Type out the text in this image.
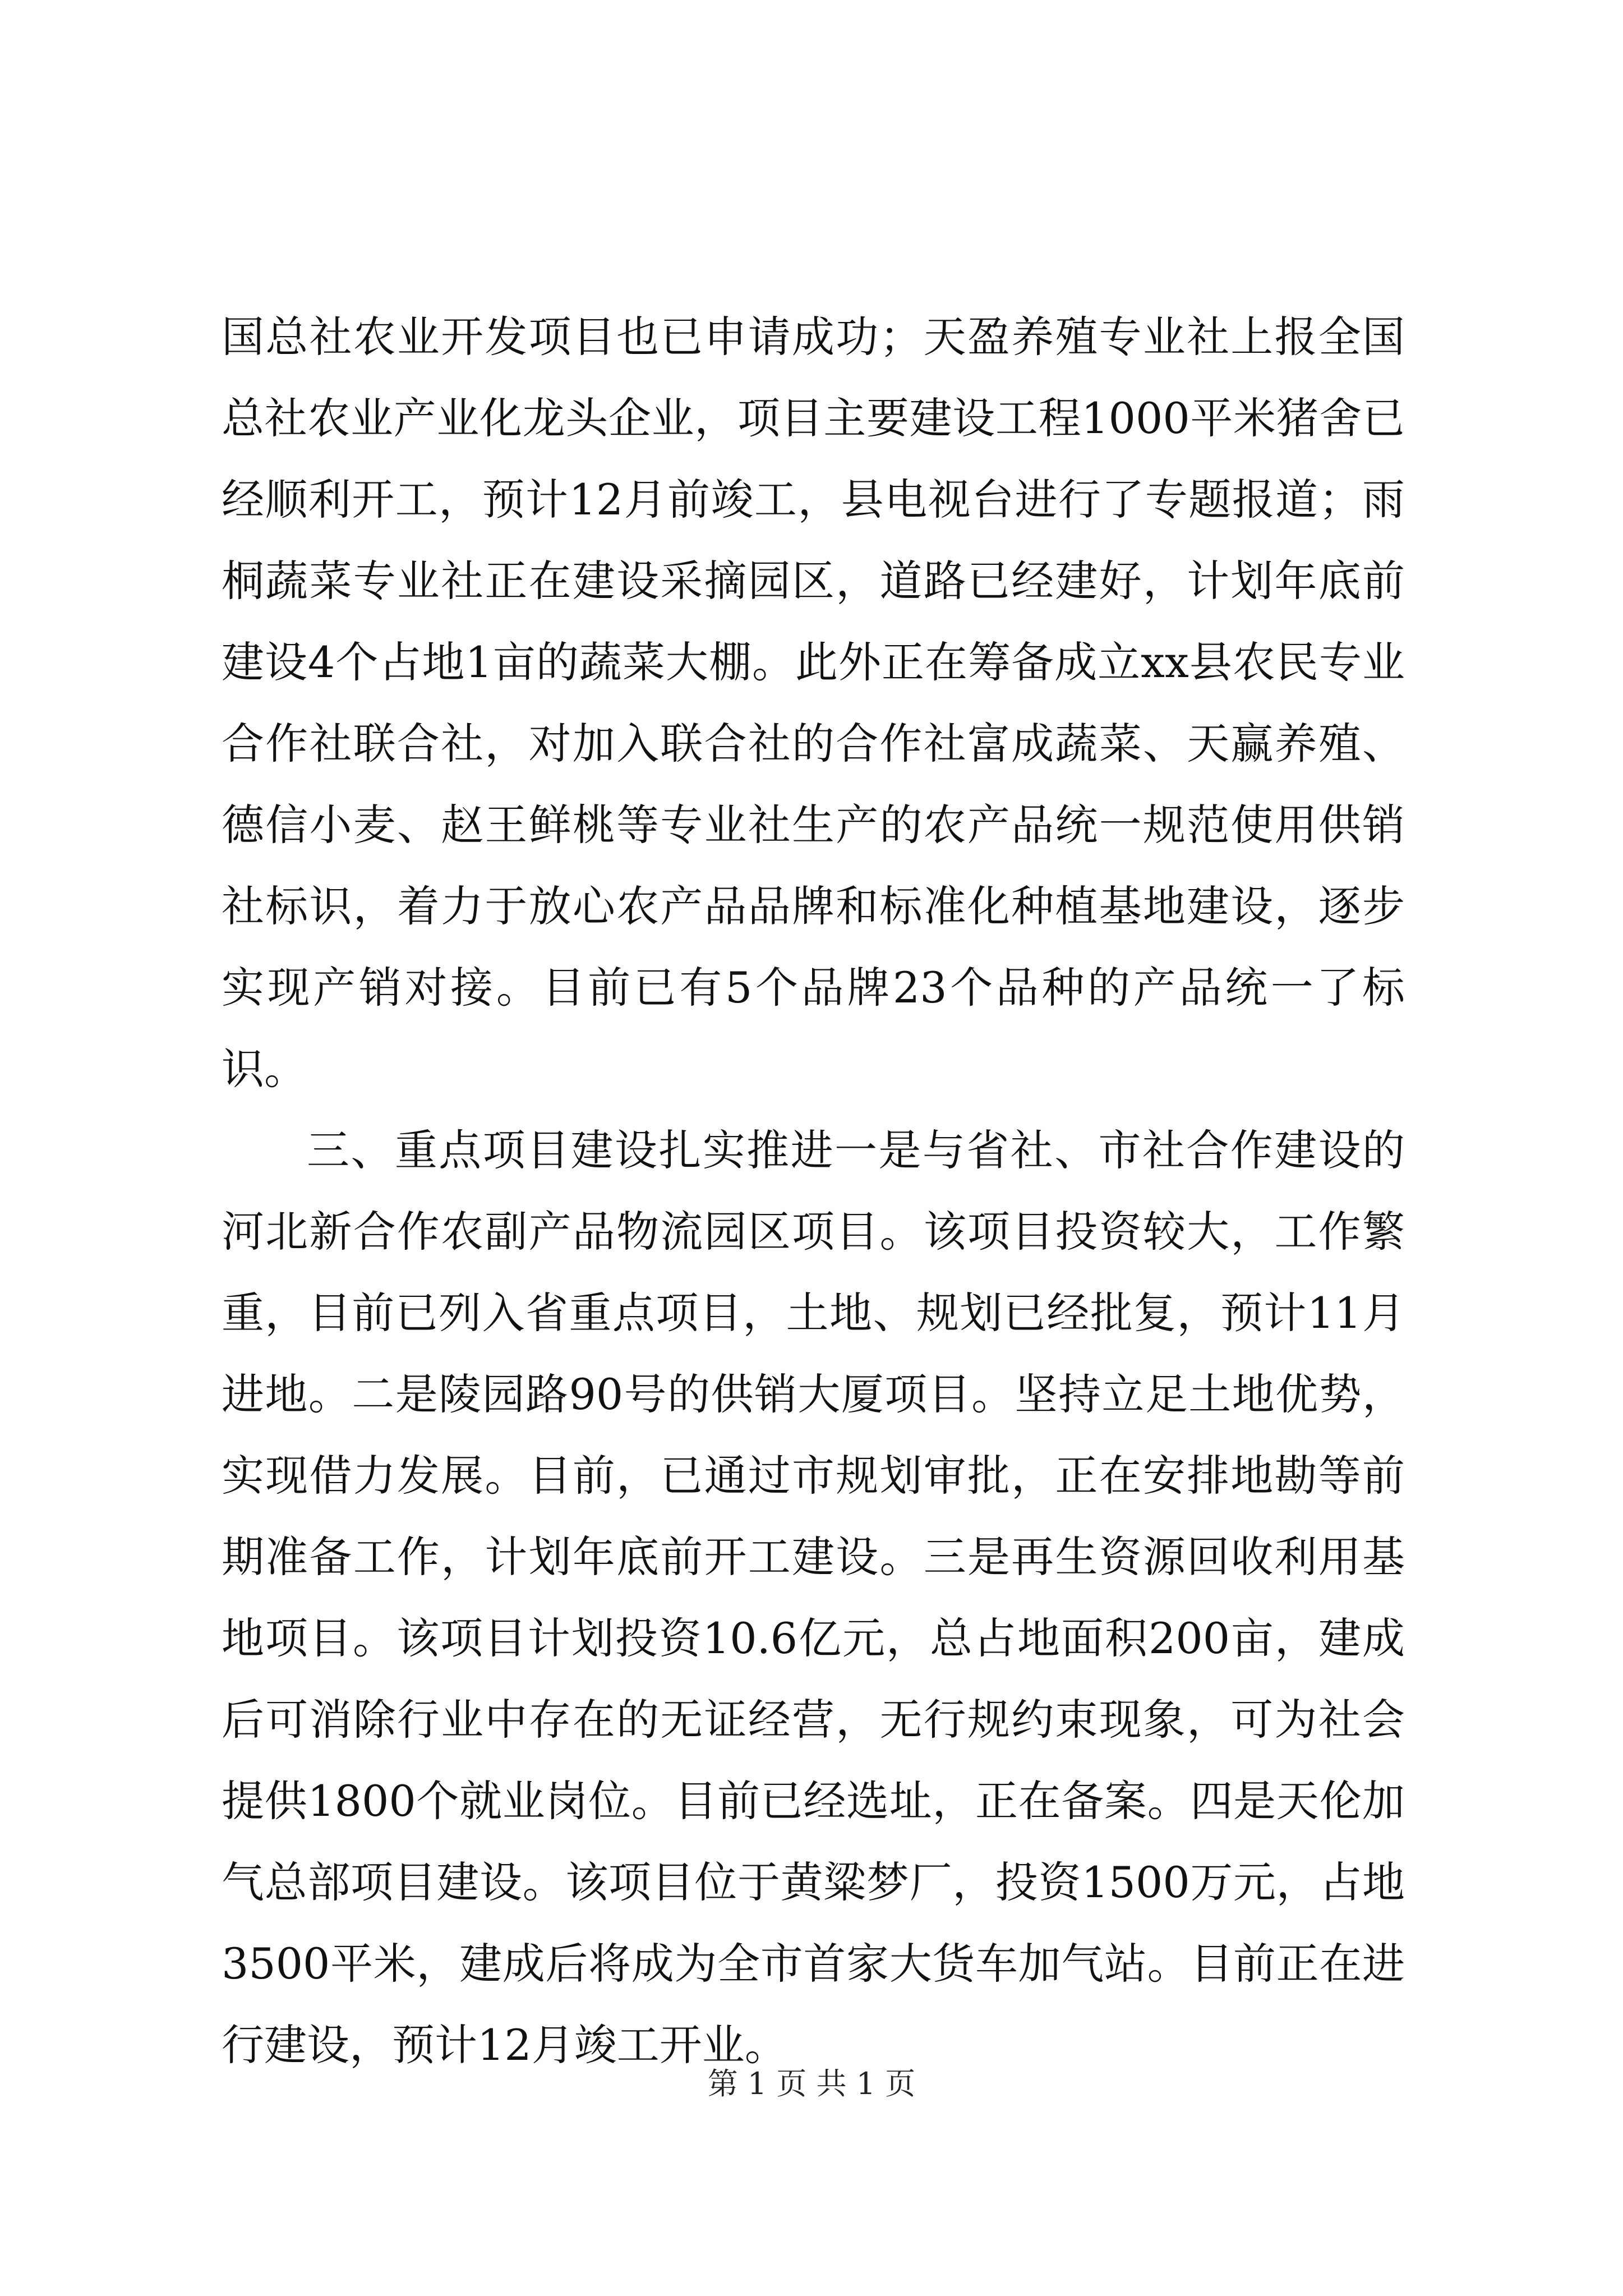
国总社农业开发项目也已申请成功；天盈养殖专业社上报全国总社农业产业化龙头企业，项目主要建设工程1000平米猪舍已经顺利开工，预计12月前竣工，县电视台进行了专题报道；雨桐蔬菜专业社正在建设采摘园区，道路已经建好，计划年底前建设4个占地1亩的蔬菜大棚。此外正在筹备成立xx县农民专业合作社联合社，对加入联合社的合作社富成蔬菜、天赢养殖、德信小麦、赵王鲜桃等专业社生产的农产品统一规范使用供销社标识，着力于放心农产品品牌和标准化种植基地建设，逐步实现产销对接。目前已有5个品牌23个品种的产品统一了标识。

三、重点项目建设扎实推进一是与省社、市社合作建设的河北新合作农副产品物流园区项目。该项目投资较大，工作繁重，目前已列入省重点项目，土地、规划已经批复，预计11月进地。二是陵园路90号的供销大厦项目。坚持立足土地优势，实现借力发展。目前，已通过市规划审批，正在安排地勘等前期准备工作，计划年底前开工建设。三是再生资源回收利用基地项目。该项目计划投资10.6亿元，总占地面积200亩，建成后可消除行业中存在的无证经营，无行规约束现象，可为社会提供1800个就业岗位。目前已经选址，正在备案。四是天伦加气总部项目建设。该项目位于黄粱梦厂，投资1500万元，占地3500平米，建成后将成为全市首家大货车加气站。目前正在进行建设，预计12月竣工开业。

第 1 页 共 1 页
